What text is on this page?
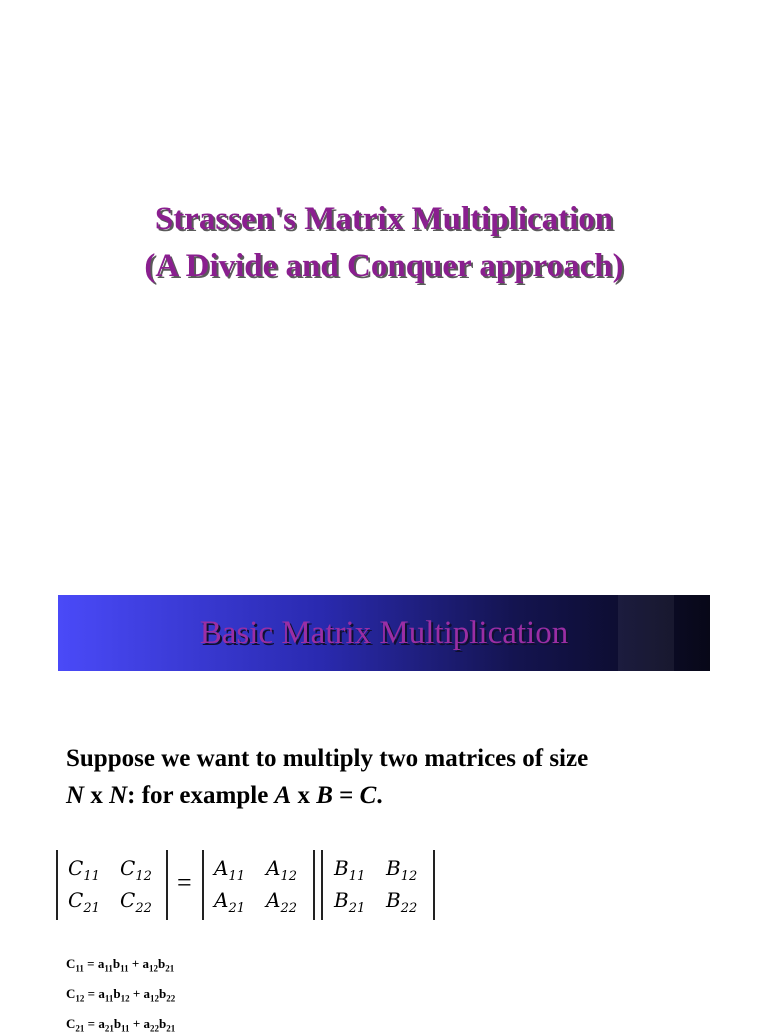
Strassen's Matrix Multiplication
(A Divide and Conquer approach)
Basic Matrix Multiplication
Suppose we want to multiply two matrices of size
N x N: for example A x B = C.
$C_{11}$ $C_{12}$
$C_{21}$ $C_{22}$
= $A_{11}$ $A_{12}$
$A_{21}$ $A_{22}$
$B_{11}$ $B_{12}$
$B_{21}$ $B_{22}$
$C_{11} = a_{11}b_{11} + a_{12}b_{21}$
$C_{12} = a_{11}b_{12} + a_{12}b_{22}$
$C_{21} = a_{21}b_{11} + a_{22}b_{21}$
